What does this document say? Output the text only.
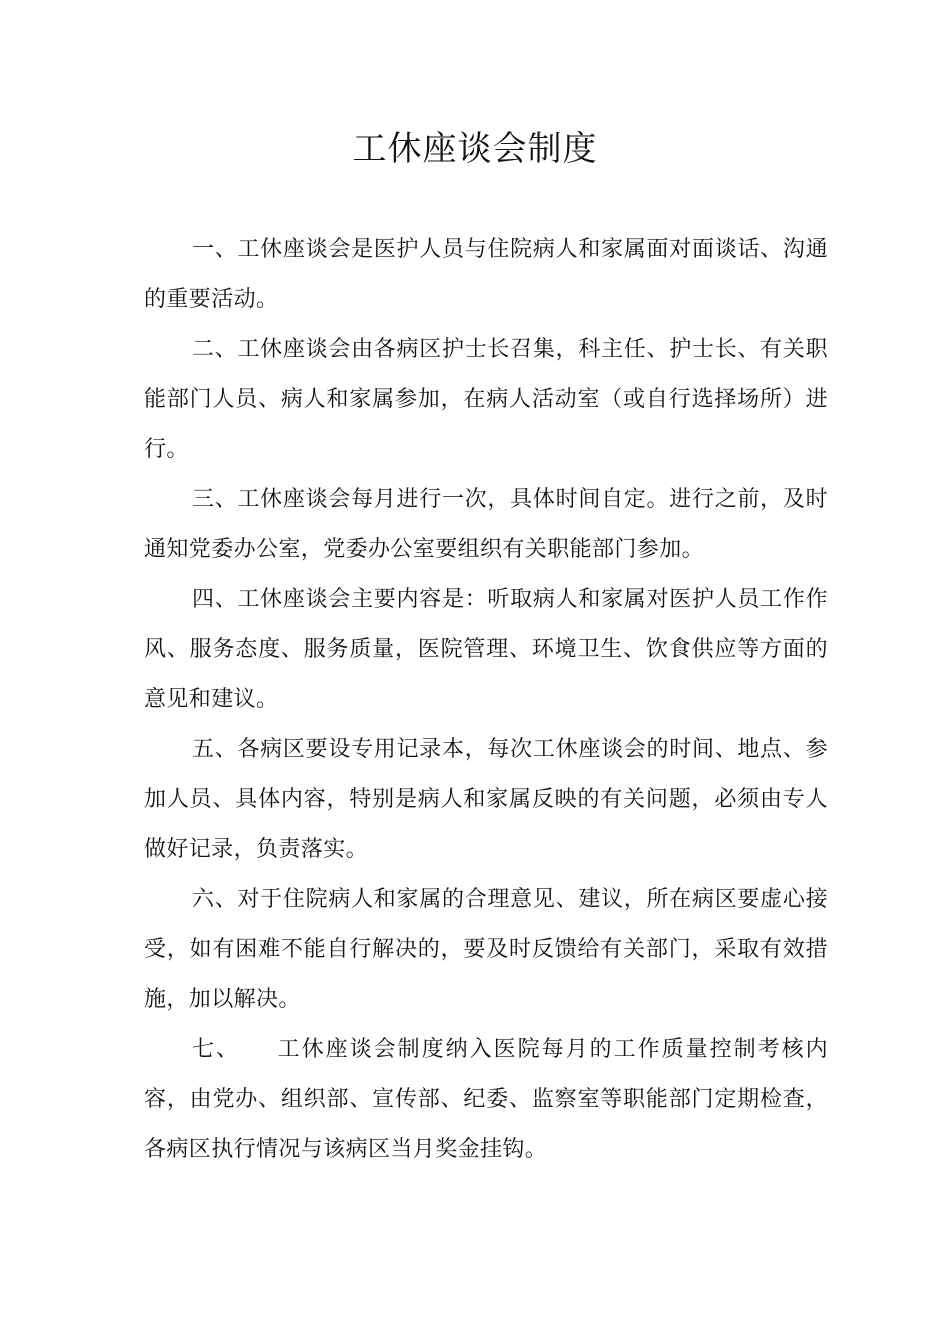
工休座谈会制度

一、工休座谈会是医护人员与住院病人和家属面对面谈话、沟通的重要活动。

二、工休座谈会由各病区护士长召集，科主任、护士长、有关职能部门人员、病人和家属参加，在病人活动室（或自行选择场所）进行。

三、工休座谈会每月进行一次，具体时间自定。进行之前，及时通知党委办公室，党委办公室要组织有关职能部门参加。

四、工休座谈会主要内容是：听取病人和家属对医护人员工作作风、服务态度、服务质量，医院管理、环境卫生、饮食供应等方面的意见和建议。

五、各病区要设专用记录本，每次工休座谈会的时间、地点、参加人员、具体内容，特别是病人和家属反映的有关问题，必须由专人做好记录，负责落实。

六、对于住院病人和家属的合理意见、建议，所在病区要虚心接受，如有困难不能自行解决的，要及时反馈给有关部门，采取有效措施，加以解决。

七、 工休座谈会制度纳入医院每月的工作质量控制考核内容，由党办、组织部、宣传部、纪委、监察室等职能部门定期检查，各病区执行情况与该病区当月奖金挂钩。
